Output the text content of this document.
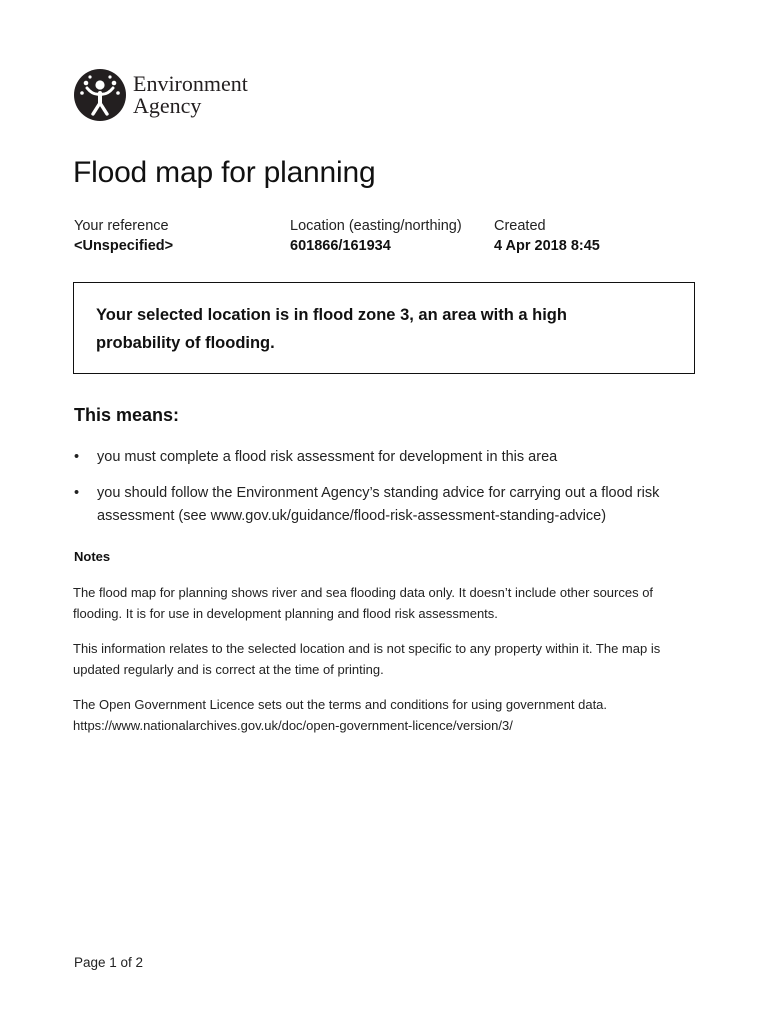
Environment
Agency
Flood map for planning
Your reference
<Unspecified>
Location (easting/northing)
601866/161934
Created
4 Apr 2018 8:45

Your selected location is in flood zone 3, an area with a high

probability of flooding.

This means:
• you must complete a flood risk assessment for development in this area
• you should follow the Environment Agency’s standing advice for carrying out a flood risk assessment (see www.gov.uk/guidance/flood-risk-assessment-standing-advice)
Notes

The flood map for planning shows river and sea flooding data only. It doesn’t include other sources of flooding. It is for use in development planning and flood risk assessments.

This information relates to the selected location and is not specific to any property within it. The map is updated regularly and is correct at the time of printing.

The Open Government Licence sets out the terms and conditions for using government data. https://www.nationalarchives.gov.uk/doc/open-government-licence/version/3/

Page 1 of 2
